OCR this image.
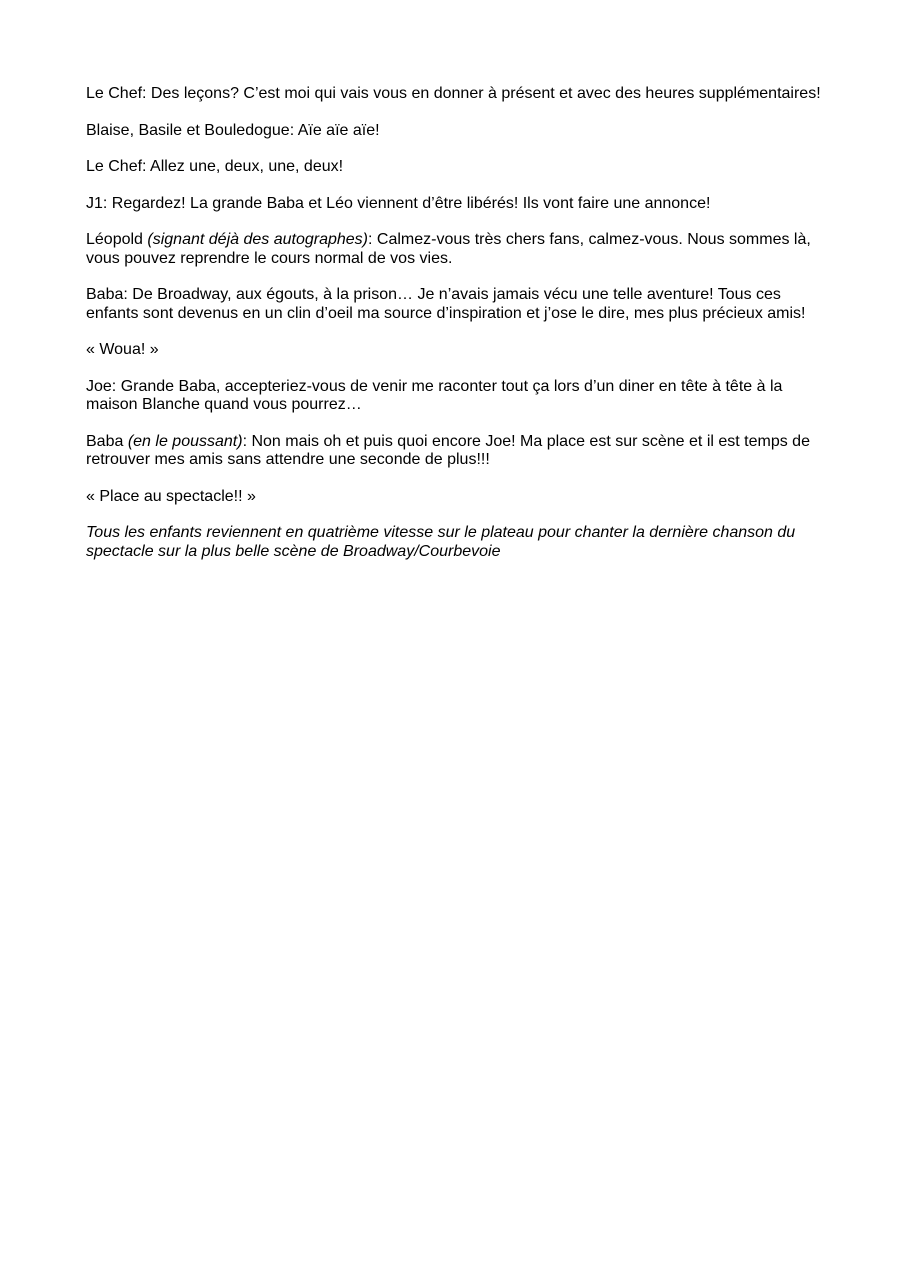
Le Chef: Des leçons? C’est moi qui vais vous en donner à présent et avec des heures supplémentaires!

Blaise, Basile et Bouledogue: Aïe aïe aïe!

Le Chef: Allez une, deux, une, deux!

J1: Regardez! La grande Baba et Léo viennent d’être libérés! Ils vont faire une annonce!

Léopold (signant déjà des autographes): Calmez-vous très chers fans, calmez-vous. Nous sommes là, vous pouvez reprendre le cours normal de vos vies.

Baba: De Broadway, aux égouts, à la prison… Je n’avais jamais vécu une telle aventure! Tous ces enfants sont devenus en un clin d’oeil ma source d’inspiration et j’ose le dire, mes plus précieux amis!

« Woua! »

Joe: Grande Baba, accepteriez-vous de venir me raconter tout ça lors d’un diner en tête à tête à la maison Blanche quand vous pourrez…

Baba (en le poussant): Non mais oh et puis quoi encore Joe! Ma place est sur scène et il est temps de retrouver mes amis sans attendre une seconde de plus!!!

« Place au spectacle!! »

Tous les enfants reviennent en quatrième vitesse sur le plateau pour chanter la dernière chanson du spectacle sur la plus belle scène de Broadway/Courbevoie
